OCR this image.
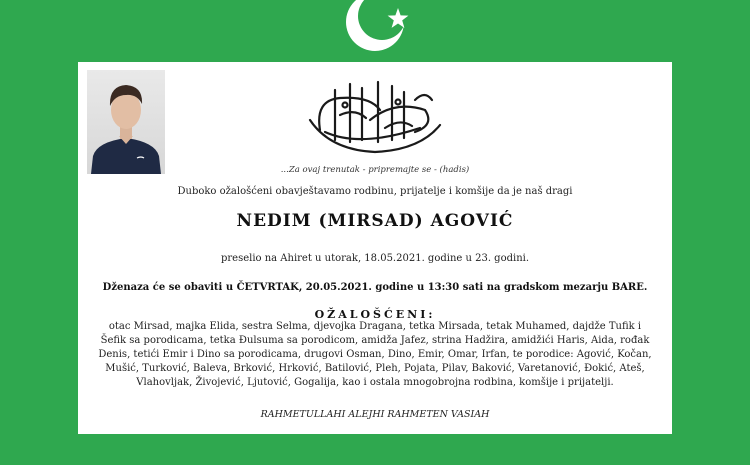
...Za ovaj trenutak - pripremajte se - (hadis)
Duboko ožalošćeni obavještavamo rodbinu, prijatelje i komšije da je naš dragi
NEDIM (MIRSAD) AGOVIĆ
preselio na Ahiret u utorak, 18.05.2021. godine u 23. godini.
Dženaza će se obaviti u ČETVRTAK, 20.05.2021. godine u 13:30 sati na gradskom mezarju BARE.
OŽALOŠĆENI:
otac Mirsad, majka Elida, sestra Selma, djevojka Dragana, tetka Mirsada, tetak Muhamed, dajdže Tufik i
Šefik sa porodicama, tetka Đulsuma sa porodicom, amidža Jafez, strina Hadžira, amidžići Haris, Aida, rođak
Denis, tetići Emir i Dino sa porodicama, drugovi Osman, Dino, Emir, Omar, Irfan, te porodice: Agović, Kočan,
Mušić, Turković, Baleva, Brković, Hrković, Batilović, Pleh, Pojata, Pilav, Baković, Varetanović, Đokić, Ateš,
Vlahovljak, Živojević, Ljutović, Gogalija, kao i ostala mnogobrojna rodbina, komšije i prijatelji.
RAHMETULLAHI ALEJHI RAHMETEN VASIAH
